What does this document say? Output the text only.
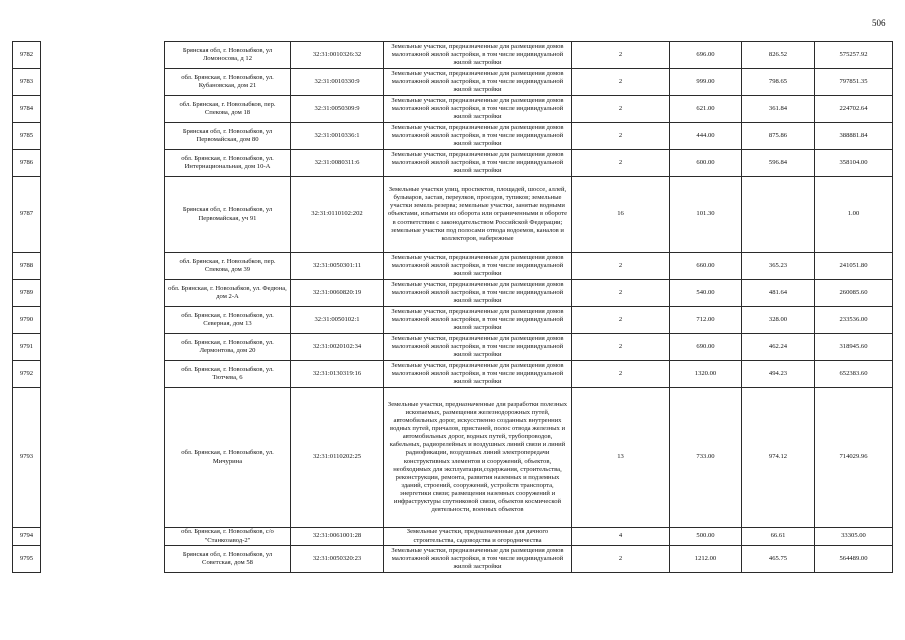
506
9782		Брянская обл, г. Новозыбков, ул Ломоносова, д 12	32:31:0010326:32	Земельные участки, предназначенные для размещения домов малоэтажной жилой застройки, в том числе индивидуальной жилой застройки	2	696.00	826.52	575257.92
9783		обл. Брянская, г. Новозыбков, ул. Кубановская, дом 21	32:31:0010330:9	Земельные участки, предназначенные для размещения домов малоэтажной жилой застройки, в том числе индивидуальной жилой застройки	2	999.00	798.65	797851.35
9784		обл. Брянская, г. Новозыбков, пер. Спекова, дом 18	32:31:0050309:9	Земельные участки, предназначенные для размещения домов малоэтажной жилой застройки, в том числе индивидуальной жилой застройки	2	621.00	361.84	224702.64
9785		Брянская обл, г. Новозыбков, ул Первомайская, дом 80	32:31:0010336:1	Земельные участки, предназначенные для размещения домов малоэтажной жилой застройки, в том числе индивидуальной жилой застройки	2	444.00	875.86	388881.84
9786		обл. Брянская, г. Новозыбков, ул. Интернациональная, дом 10-А	32:31:0080311:6	Земельные участки, предназначенные для размещения домов малоэтажной жилой застройки, в том числе индивидуальной жилой застройки	2	600.00	596.84	358104.00
9787		Брянская обл, г. Новозыбков, ул Первомайская, уч 91	32:31:0110102:202	Земельные участки улиц, проспектов, площадей, шоссе, аллей, бульваров, застав, переулков, проездов, тупиков; земельные участки земель резерва; земельные участки, занятые водными объектами, изъятыми из оборота или ограниченными в обороте в соответствии с законодательством Российской Федерации; земельные участки под полосами отвода водоемов, каналов и коллекторов, набережные	16	101.30		1.00
9788		обл. Брянская, г. Новозыбков, пер. Спекова, дом 39	32:31:0050301:11	Земельные участки, предназначенные для размещения домов малоэтажной жилой застройки, в том числе индивидуальной жилой застройки	2	660.00	365.23	241051.80
9789		обл. Брянская, г. Новозыбков, ул. Федюна, дом 2-А	32:31:0060820:19	Земельные участки, предназначенные для размещения домов малоэтажной жилой застройки, в том числе индивидуальной жилой застройки	2	540.00	481.64	260085.60
9790		обл. Брянская, г. Новозыбков, ул. Северная, дом 13	32:31:0050102:1	Земельные участки, предназначенные для размещения домов малоэтажной жилой застройки, в том числе индивидуальной жилой застройки	2	712.00	328.00	233536.00
9791		обл. Брянская, г. Новозыбков, ул. Лермонтова, дом 20	32:31:0020102:34	Земельные участки, предназначенные для размещения домов малоэтажной жилой застройки, в том числе индивидуальной жилой застройки	2	690.00	462.24	318945.60
9792		обл. Брянская, г. Новозыбков, ул. Тютчева, 6	32:31:0130319:16	Земельные участки, предназначенные для размещения домов малоэтажной жилой застройки, в том числе индивидуальной жилой застройки	2	1320.00	494.23	652383.60
9793		обл. Брянская, г. Новозыбков, ул. Мичурина	32:31:0110202:25	Земельные участки, предназначенные для разработки полезных ископаемых, размещения железнодорожных путей, автомобильных дорог, искусственно созданных внутренних водных путей, причалов, пристаней, полос отвода железных и автомобильных дорог, водных путей, трубопроводов, кабельных, радиорелейных и воздушных линий связи и линий радиофикации, воздушных линий электропередачи конструктивных элементов и сооружений, объектов, необходимых для эксплуатации,содержания, строительства, реконструкции, ремонта, развития наземных и подземных зданий, строений, сооружений, устройств транспорта, энергетики связи; размещения наземных сооружений и инфраструктуры спутниковой связи, объектов космической деятельности, военных объектов	13	733.00	974.12	714029.96
9794		обл. Брянская, г. Новозыбков, с/о "Станкозавод-2"	32:31:0061001:28	Земельные участки, предназначенные для дачного строительства, садоводства и огородничества	4	500.00	66.61	33305.00
9795		Брянская обл, г. Новозыбков, ул Советская, дом 58	32:31:0050320:23	Земельные участки, предназначенные для размещения домов малоэтажной жилой застройки, в том числе индивидуальной жилой застройки	2	1212.00	465.75	564489.00
